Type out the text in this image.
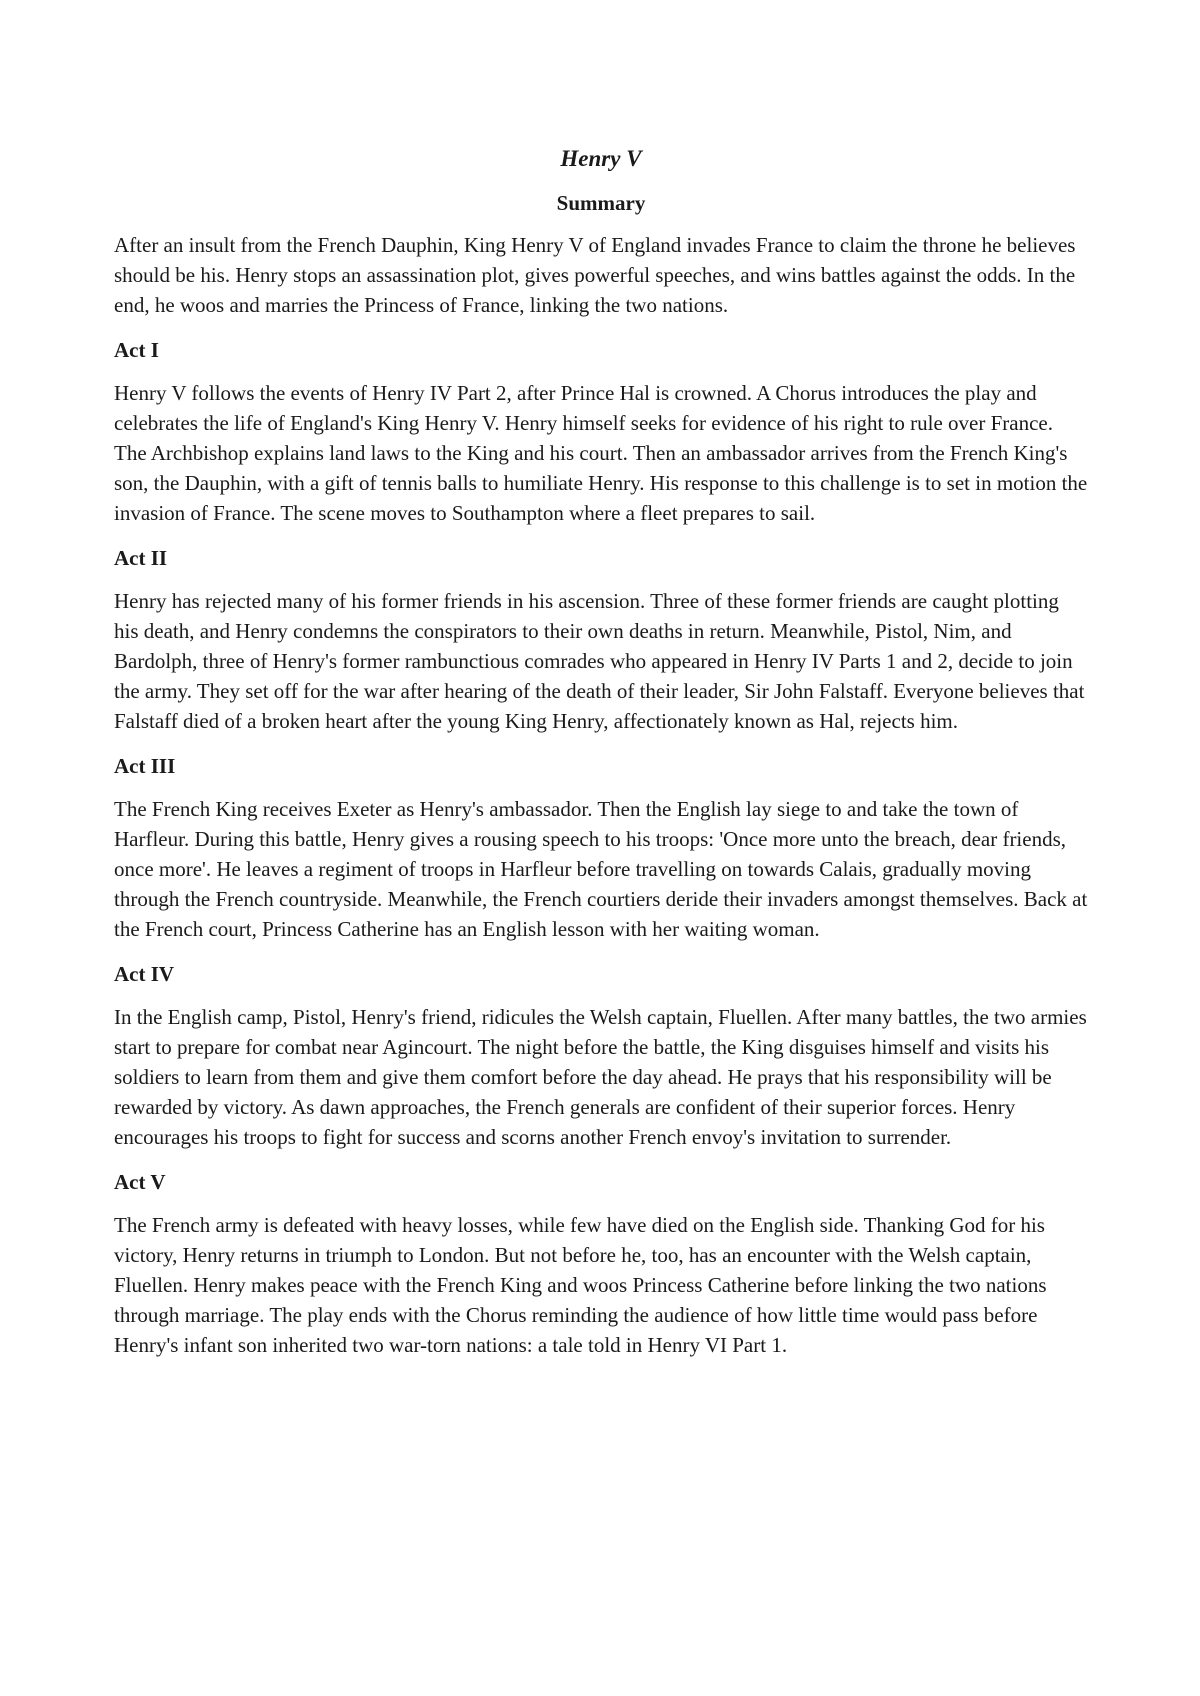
Henry V
Summary

After an insult from the French Dauphin, King Henry V of England invades France to claim the throne he believes should be his. Henry stops an assassination plot, gives powerful speeches, and wins battles against the odds. In the end, he woos and marries the Princess of France, linking the two nations.

Act I

Henry V follows the events of Henry IV Part 2, after Prince Hal is crowned. A Chorus introduces the play and celebrates the life of England's King Henry V. Henry himself seeks for evidence of his right to rule over France. The Archbishop explains land laws to the King and his court. Then an ambassador arrives from the French King's son, the Dauphin, with a gift of tennis balls to humiliate Henry. His response to this challenge is to set in motion the invasion of France. The scene moves to Southampton where a fleet prepares to sail.

Act II

Henry has rejected many of his former friends in his ascension. Three of these former friends are caught plotting his death, and Henry condemns the conspirators to their own deaths in return. Meanwhile, Pistol, Nim, and Bardolph, three of Henry's former rambunctious comrades who appeared in Henry IV Parts 1 and 2, decide to join the army. They set off for the war after hearing of the death of their leader, Sir John Falstaff. Everyone believes that Falstaff died of a broken heart after the young King Henry, affectionately known as Hal, rejects him.

Act III

The French King receives Exeter as Henry's ambassador. Then the English lay siege to and take the town of Harfleur. During this battle, Henry gives a rousing speech to his troops: 'Once more unto the breach, dear friends, once more'. He leaves a regiment of troops in Harfleur before travelling on towards Calais, gradually moving through the French countryside. Meanwhile, the French courtiers deride their invaders amongst themselves. Back at the French court, Princess Catherine has an English lesson with her waiting woman.

Act IV

In the English camp, Pistol, Henry's friend, ridicules the Welsh captain, Fluellen. After many battles, the two armies start to prepare for combat near Agincourt. The night before the battle, the King disguises himself and visits his soldiers to learn from them and give them comfort before the day ahead. He prays that his responsibility will be rewarded by victory. As dawn approaches, the French generals are confident of their superior forces. Henry encourages his troops to fight for success and scorns another French envoy's invitation to surrender.

Act V

The French army is defeated with heavy losses, while few have died on the English side. Thanking God for his victory, Henry returns in triumph to London. But not before he, too, has an encounter with the Welsh captain, Fluellen. Henry makes peace with the French King and woos Princess Catherine before linking the two nations through marriage. The play ends with the Chorus reminding the audience of how little time would pass before Henry's infant son inherited two war-torn nations: a tale told in Henry VI Part 1.
